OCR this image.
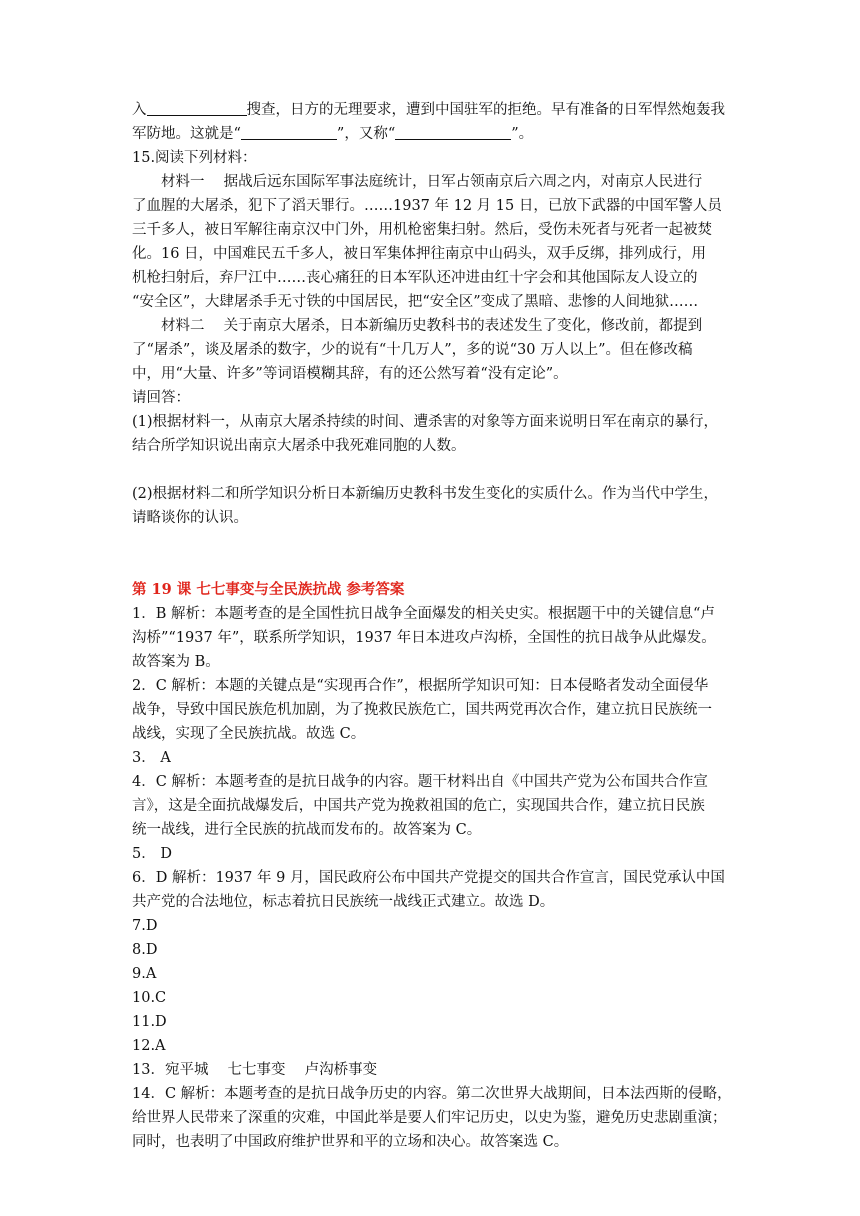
入	搜查，日方的无理要求，遭到中国驻军的拒绝。早有准备的日军悍然炮轰我
军防地。这就是“	”，又称“	”。
15.阅读下列材料：
材料一　 据战后远东国际军事法庭统计，日军占领南京后六周之内，对南京人民进行
了血腥的大屠杀，犯下了滔天罪行。……1937 年 12 月 15 日，已放下武器的中国军警人员
三千多人，被日军解往南京汉中门外，用机枪密集扫射。然后，受伤未死者与死者一起被焚
化。16 日，中国难民五千多人，被日军集体押往南京中山码头，双手反绑，排列成行，用
机枪扫射后，弃尸江中……丧心痛狂的日本军队还冲进由红十字会和其他国际友人设立的
“安全区”，大肆屠杀手无寸铁的中国居民，把“安全区”变成了黑暗、悲惨的人间地狱……
材料二　 关于南京大屠杀，日本新编历史教科书的表述发生了变化，修改前，都提到
了“屠杀”，谈及屠杀的数字，少的说有“十几万人”，多的说“30 万人以上”。但在修改稿
中，用“大量、许多”等词语模糊其辞，有的还公然写着“没有定论”。
请回答：
(1)根据材料一，从南京大屠杀持续的时间、遭杀害的对象等方面来说明日军在南京的暴行，
结合所学知识说出南京大屠杀中我死难同胞的人数。
(2)根据材料二和所学知识分析日本新编历史教科书发生变化的实质什么。作为当代中学生，
请略谈你的认识。
第 19 课 七七事变与全民族抗战 参考答案
1．B 解析：本题考查的是全国性抗日战争全面爆发的相关史实。根据题干中的关键信息“卢
沟桥”“1937 年”，联系所学知识，1937 年日本进攻卢沟桥，全国性的抗日战争从此爆发。
故答案为 B。
2．C 解析：本题的关键点是“实现再合作”，根据所学知识可知：日本侵略者发动全面侵华
战争，导致中国民族危机加剧，为了挽救民族危亡，国共两党再次合作，建立抗日民族统一
战线，实现了全民族抗战。故选 C。
3． A
4．C 解析：本题考查的是抗日战争的内容。题干材料出自《中国共产党为公布国共合作宣
言》，这是全面抗战爆发后，中国共产党为挽救祖国的危亡，实现国共合作，建立抗日民族
统一战线，进行全民族的抗战而发布的。故答案为 C。
5． D
6．D 解析：1937 年 9 月，国民政府公布中国共产党提交的国共合作宣言，国民党承认中国
共产党的合法地位，标志着抗日民族统一战线正式建立。故选 D。
7.D
8.D
9.A
10.C
11.D
12.A
13．宛平城　 七七事变　 卢沟桥事变
14．C 解析：本题考查的是抗日战争历史的内容。第二次世界大战期间，日本法西斯的侵略，
给世界人民带来了深重的灾难，中国此举是要人们牢记历史，以史为鉴，避免历史悲剧重演；
同时，也表明了中国政府维护世界和平的立场和决心。故答案选 C。
